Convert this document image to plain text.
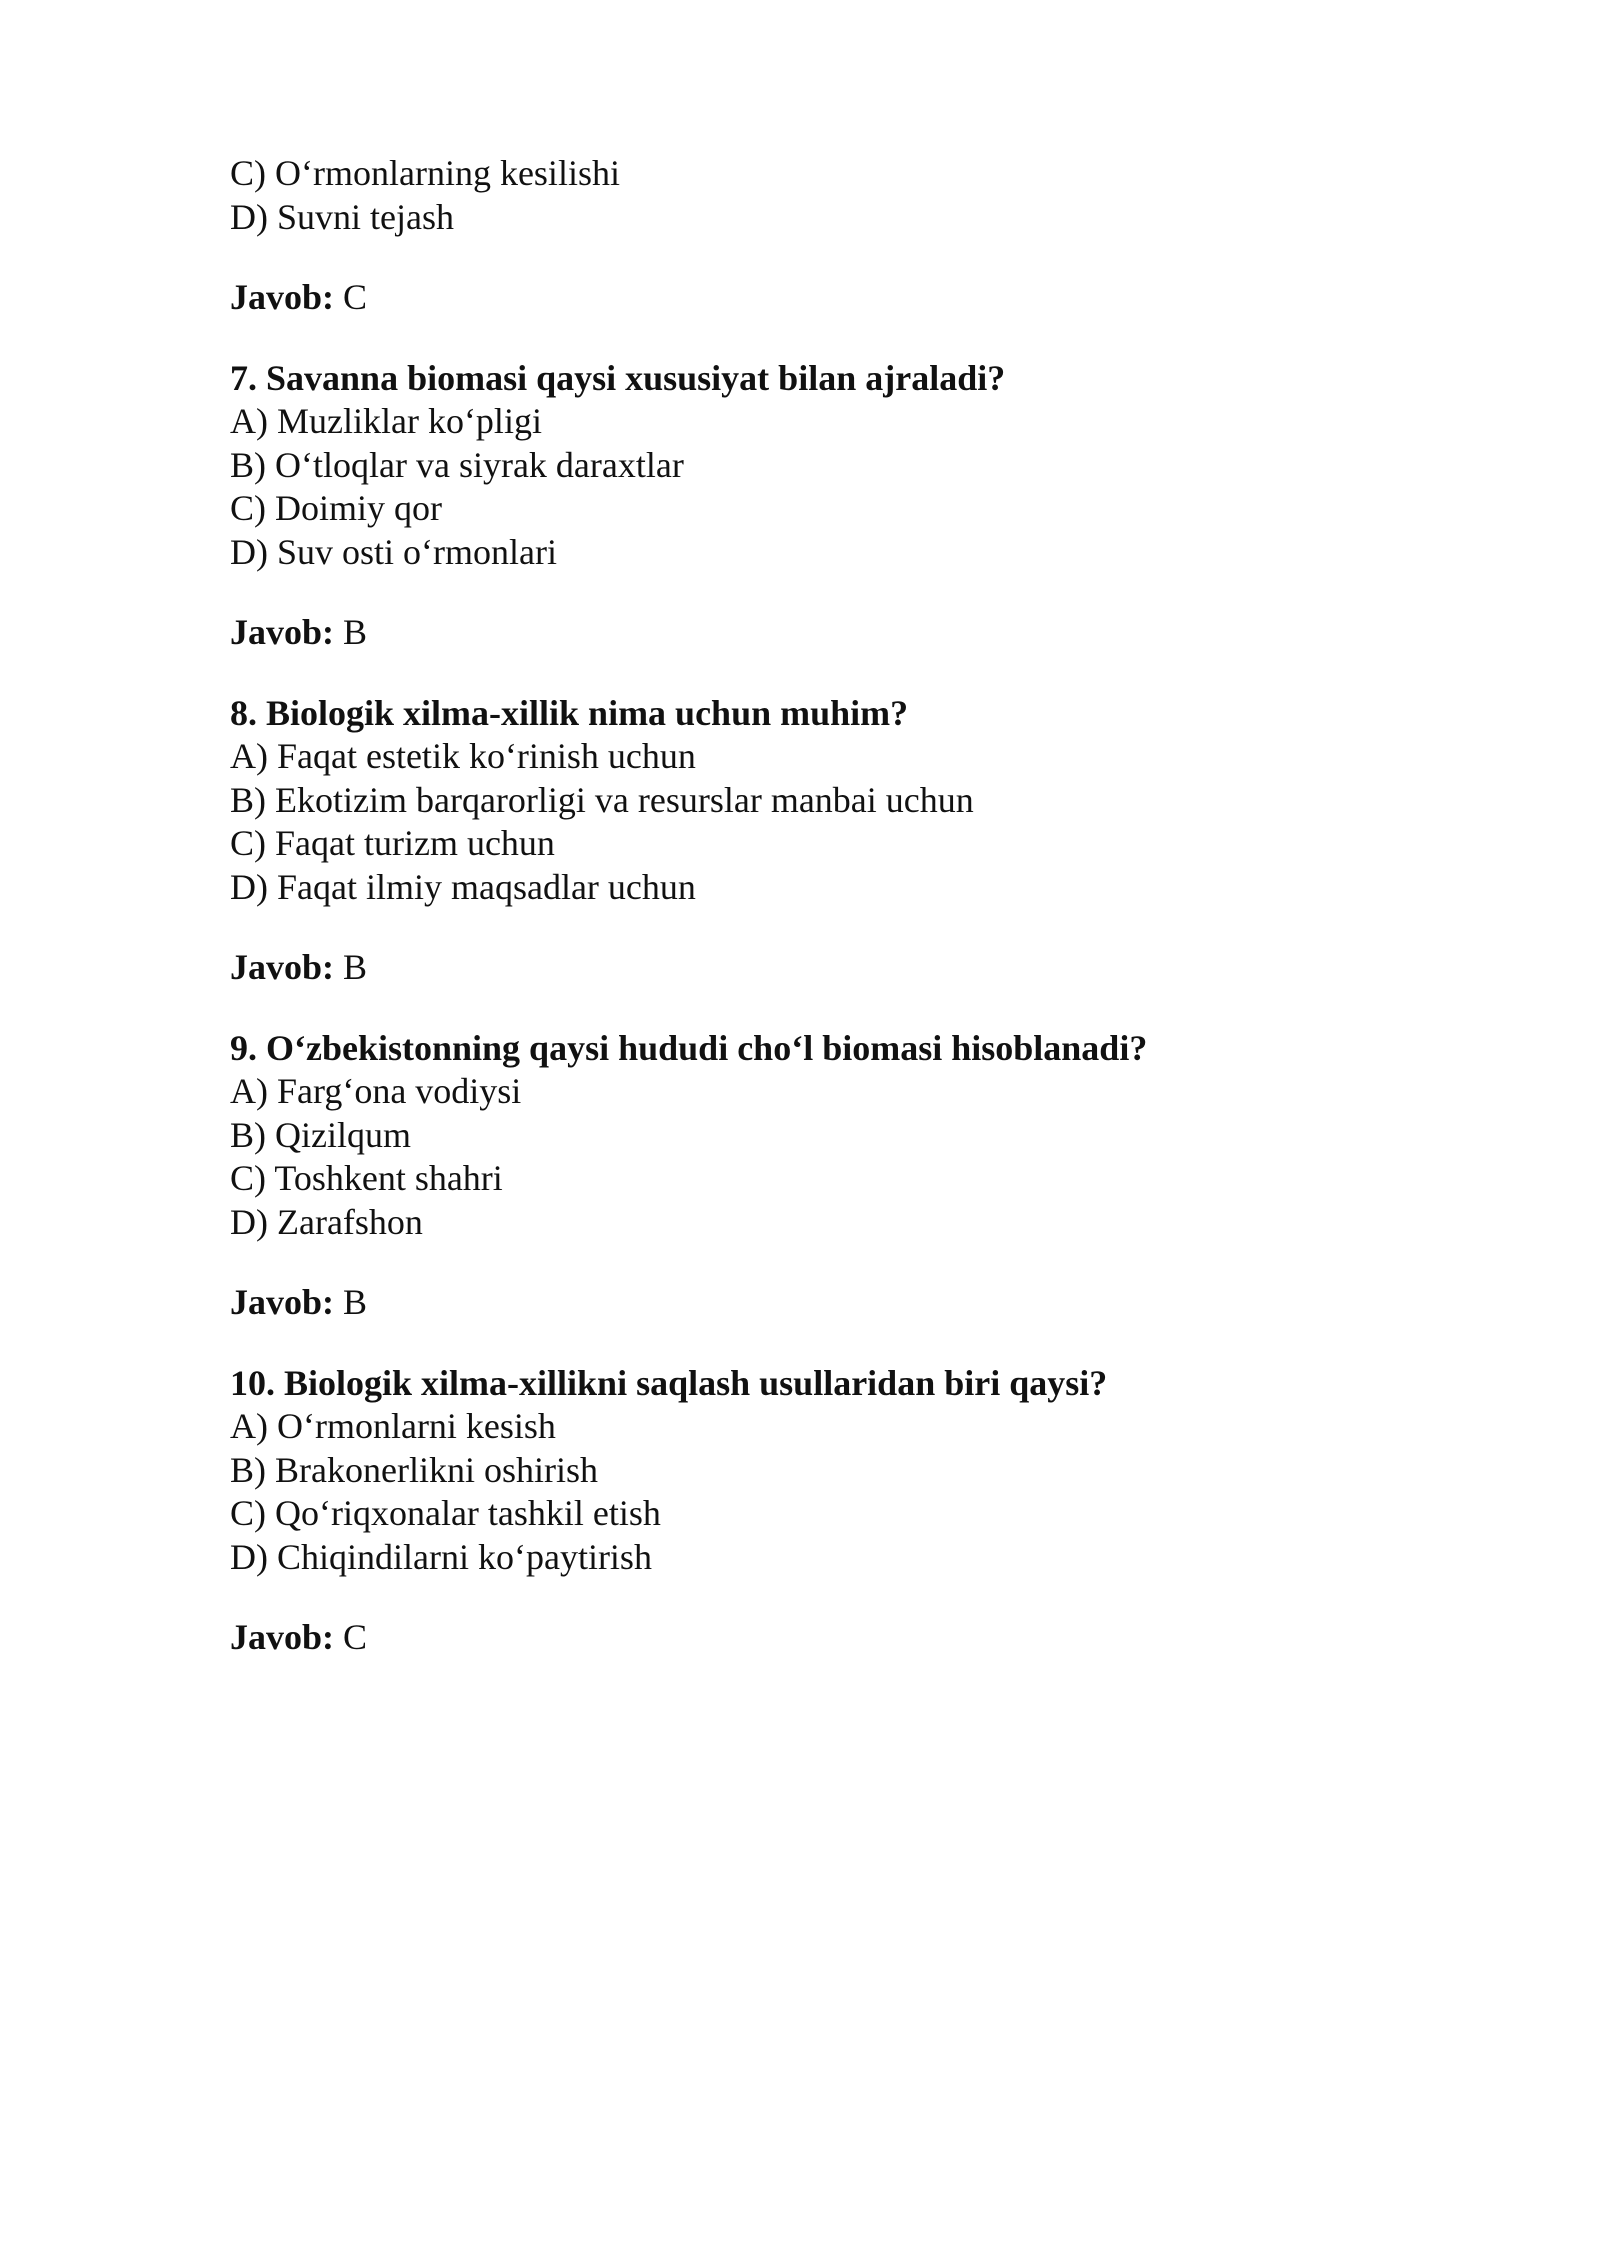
C) O‘rmonlarning kesilishi
D) Suvni tejash
Javob: C
7. Savanna biomasi qaysi xususiyat bilan ajraladi?
A) Muzliklar ko‘pligi
B) O‘tloqlar va siyrak daraxtlar
C) Doimiy qor
D) Suv osti o‘rmonlari
Javob: B
8. Biologik xilma-xillik nima uchun muhim?
A) Faqat estetik ko‘rinish uchun
B) Ekotizim barqarorligi va resurslar manbai uchun
C) Faqat turizm uchun
D) Faqat ilmiy maqsadlar uchun
Javob: B
9. O‘zbekistonning qaysi hududi cho‘l biomasi hisoblanadi?
A) Farg‘ona vodiysi
B) Qizilqum
C) Toshkent shahri
D) Zarafshon
Javob: B
10. Biologik xilma-xillikni saqlash usullaridan biri qaysi?
A) O‘rmonlarni kesish
B) Brakonerlikni oshirish
C) Qo‘riqxonalar tashkil etish
D) Chiqindilarni ko‘paytirish
Javob: C
